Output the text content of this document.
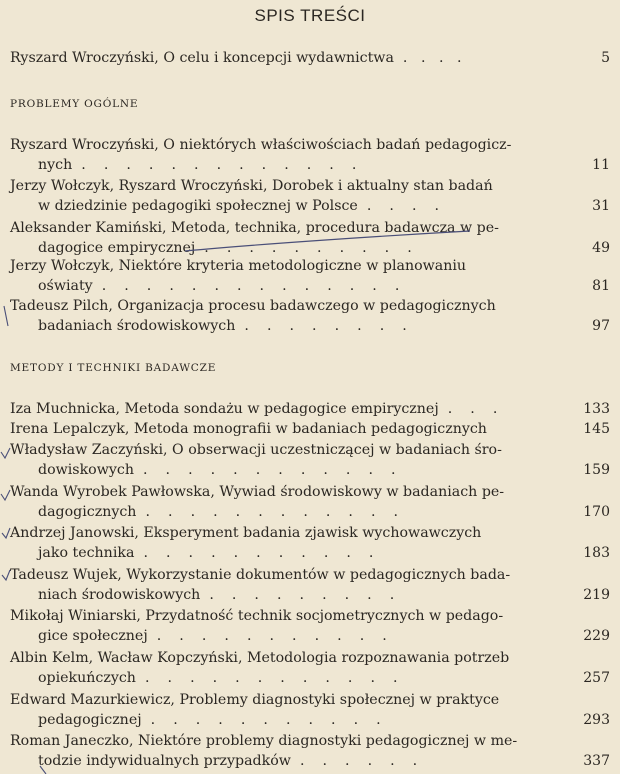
SPIS TREŚCI
Ryszard Wroczyński, O celu i koncepcji wydawnictwa  .   .   .   .	5
PROBLEMY OGÓLNE
Ryszard Wroczyński, O niektórych właściwościach badań pedagogicz-
nych  .    .    .    .    .    .    .    .    .    .    .    .    .	11
Jerzy Wołczyk, Ryszard Wroczyński, Dorobek i aktualny stan badań
w dziedzinie pedagogiki społecznej w Polsce  .    .    .    .	31
Aleksander Kamiński, Metoda, technika, procedura badawcza w pe-
dagogice empirycznej  .    .    .    .    .    .    .    .    .    .	49
Jerzy Wołczyk, Niektóre kryteria metodologiczne w planowaniu
oświaty  .    .    .    .    .    .    .    .    .    .    .    .    .    .	81
Tadeusz Pilch, Organizacja procesu badawczego w pedagogicznych
badaniach środowiskowych  .    .    .    .    .    .    .    .	97
METODY I TECHNIKI BADAWCZE
Iza Muchnicka, Metoda sondażu w pedagogice empirycznej  .    .    .	133
Irena Lepalczyk, Metoda monografii w badaniach pedagogicznych	145
Władysław Zaczyński, O obserwacji uczestniczącej w badaniach śro-
dowiskowych  .    .    .    .    .    .    .    .    .    .    .    .	159
Wanda Wyrobek Pawłowska, Wywiad środowiskowy w badaniach pe-
dagogicznych  .    .    .    .    .    .    .    .    .    .    .    .	170
Andrzej Janowski, Eksperyment badania zjawisk wychowawczych
jako technika  .    .    .    .    .    .    .    .    .    .    .	183
Tadeusz Wujek, Wykorzystanie dokumentów w pedagogicznych bada-
niach środowiskowych  .    .    .    .    .    .    .    .    .	219
Mikołaj Winiarski, Przydatność technik socjometrycznych w pedago-
gice społecznej  .    .    .    .    .    .    .    .    .    .    .	229
Albin Kelm, Wacław Kopczyński, Metodologia rozpoznawania potrzeb
opiekuńczych  .    .    .    .    .    .    .    .    .    .    .    .	257
Edward Mazurkiewicz, Problemy diagnostyki społecznej w praktyce
pedagogicznej  .    .    .    .    .    .    .    .    .    .    .	293
Roman Janeczko, Niektóre problemy diagnostyki pedagogicznej w me-
todzie indywidualnych przypadków  .    .    .    .    .    .	337
